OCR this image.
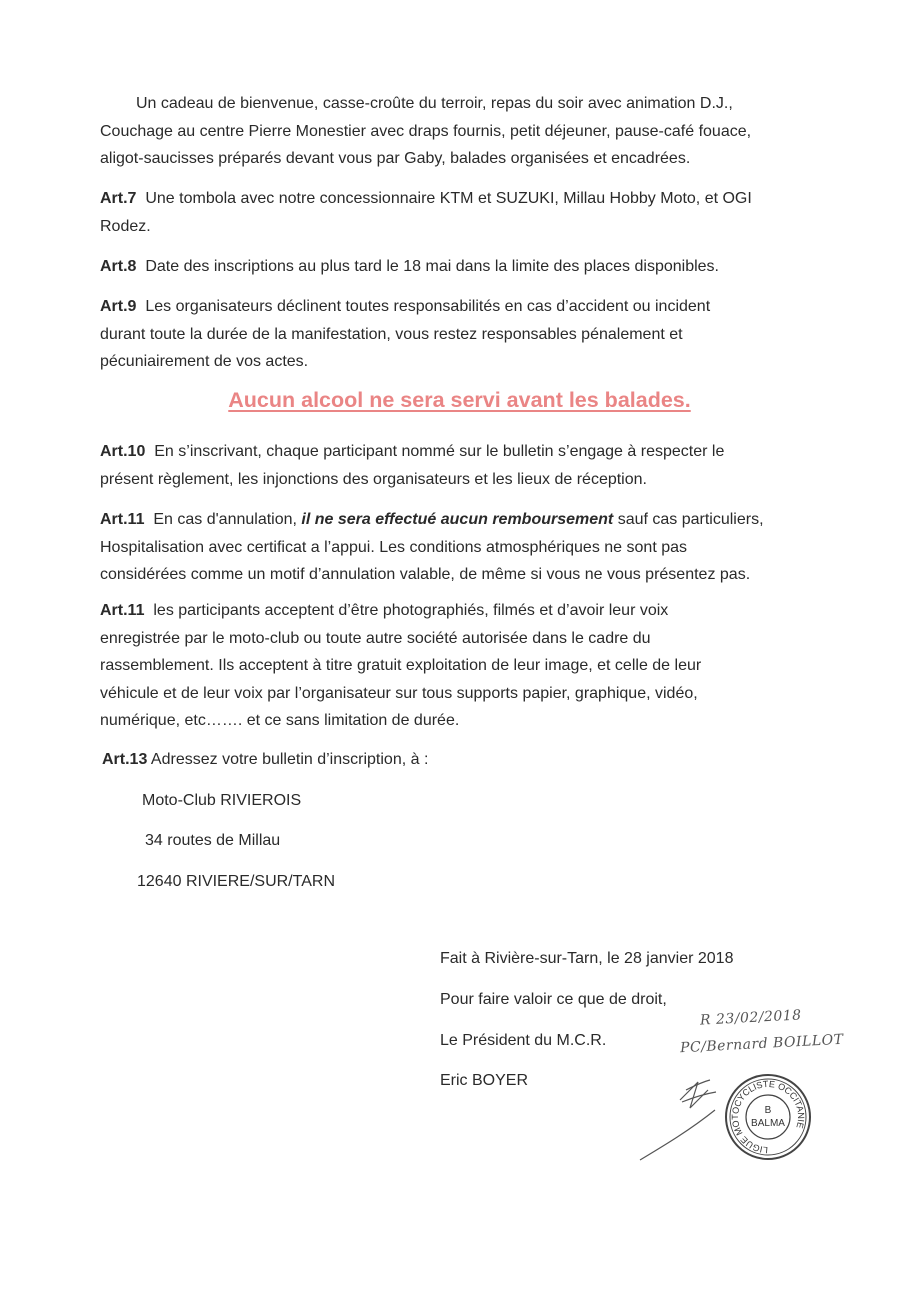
Un cadeau de bienvenue, casse-croûte du terroir, repas du soir avec animation D.J.,

Couchage au centre Pierre Monestier avec draps fournis, petit déjeuner, pause-café fouace,

aligot-saucisses préparés devant vous par Gaby, balades organisées et encadrées.

Art.7 Une tombola avec notre concessionnaire KTM et SUZUKI, Millau Hobby Moto, et OGI

Rodez.

Art.8 Date des inscriptions au plus tard le 18 mai dans la limite des places disponibles.

Art.9 Les organisateurs déclinent toutes responsabilités en cas d’accident ou incident

durant toute la durée de la manifestation, vous restez responsables pénalement et

pécuniairement de vos actes.

Aucun alcool ne sera servi avant les balades.

Art.10 En s’inscrivant, chaque participant nommé sur le bulletin s’engage à respecter le

présent règlement, les injonctions des organisateurs et les lieux de réception.

Art.11 En cas d'annulation, il ne sera effectué aucun remboursement sauf cas particuliers,

Hospitalisation avec certificat a l’appui. Les conditions atmosphériques ne sont pas

considérées comme un motif d’annulation valable, de même si vous ne vous présentez pas.

Art.11 les participants acceptent d’être photographiés, filmés et d’avoir leur voix

enregistrée par le moto-club ou toute autre société autorisée dans le cadre du

rassemblement. Ils acceptent à titre gratuit exploitation de leur image, et celle de leur

véhicule et de leur voix par l’organisateur sur tous supports papier, graphique, vidéo,

numérique, etc……. et ce sans limitation de durée.

Art.13 Adressez votre bulletin d’inscription, à :

Moto-Club RIVIEROIS
34 routes de Millau
12640 RIVIERE/SUR/TARN
Fait à Rivière-sur-Tarn, le 28 janvier 2018
Pour faire valoir ce que de droit,
Le Président du M.C.R.
Eric BOYER
R 23/02/2018
PC/Bernard BOILLOT
LIGUE MOTOCYCLISTE OCCITANIE
B
BALMA
